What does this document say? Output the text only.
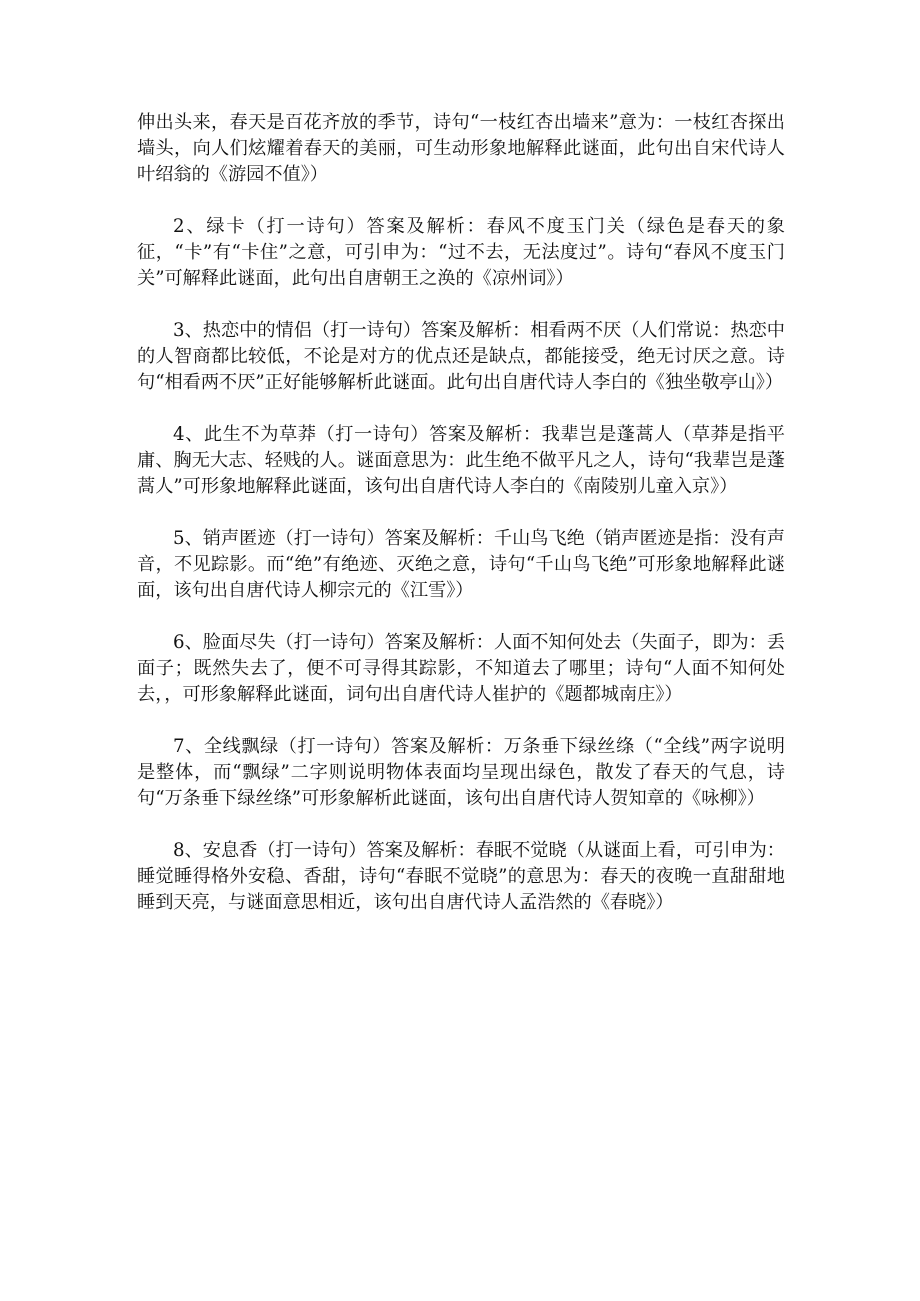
伸出头来，春天是百花齐放的季节，诗句“一枝红杏出墙来”意为：一枝红杏探出墙头，向人们炫耀着春天的美丽，可生动形象地解释此谜面，此句出自宋代诗人叶绍翁的《游园不值》）

2、绿卡（打一诗句）答案及解析：春风不度玉门关（绿色是春天的象征，“卡”有“卡住”之意，可引申为：“过不去，无法度过”。诗句“春风不度玉门关”可解释此谜面，此句出自唐朝王之涣的《凉州词》）

3、热恋中的情侣（打一诗句）答案及解析：相看两不厌（人们常说：热恋中的人智商都比较低，不论是对方的优点还是缺点，都能接受，绝无讨厌之意。诗句“相看两不厌”正好能够解析此谜面。此句出自唐代诗人李白的《独坐敬亭山》）

4、此生不为草莽（打一诗句）答案及解析：我辈岂是蓬蒿人（草莽是指平庸、胸无大志、轻贱的人。谜面意思为：此生绝不做平凡之人，诗句“我辈岂是蓬蒿人”可形象地解释此谜面，该句出自唐代诗人李白的《南陵别儿童入京》）

5、销声匿迹（打一诗句）答案及解析：千山鸟飞绝（销声匿迹是指：没有声音，不见踪影。而“绝”有绝迹、灭绝之意，诗句“千山鸟飞绝”可形象地解释此谜面，该句出自唐代诗人柳宗元的《江雪》）

6、脸面尽失（打一诗句）答案及解析：人面不知何处去（失面子，即为：丢面子；既然失去了，便不可寻得其踪影，不知道去了哪里；诗句“人面不知何处去，，可形象解释此谜面，词句出自唐代诗人崔护的《题都城南庄》）

7、全线飘绿（打一诗句）答案及解析：万条垂下绿丝绦（“全线”两字说明是整体，而“飘绿”二字则说明物体表面均呈现出绿色，散发了春天的气息，诗句“万条垂下绿丝绦”可形象解析此谜面，该句出自唐代诗人贺知章的《咏柳》）

8、安息香（打一诗句）答案及解析：春眠不觉晓（从谜面上看，可引申为：睡觉睡得格外安稳、香甜，诗句“春眠不觉晓”的意思为：春天的夜晚一直甜甜地睡到天亮，与谜面意思相近，该句出自唐代诗人孟浩然的《春晓》）
